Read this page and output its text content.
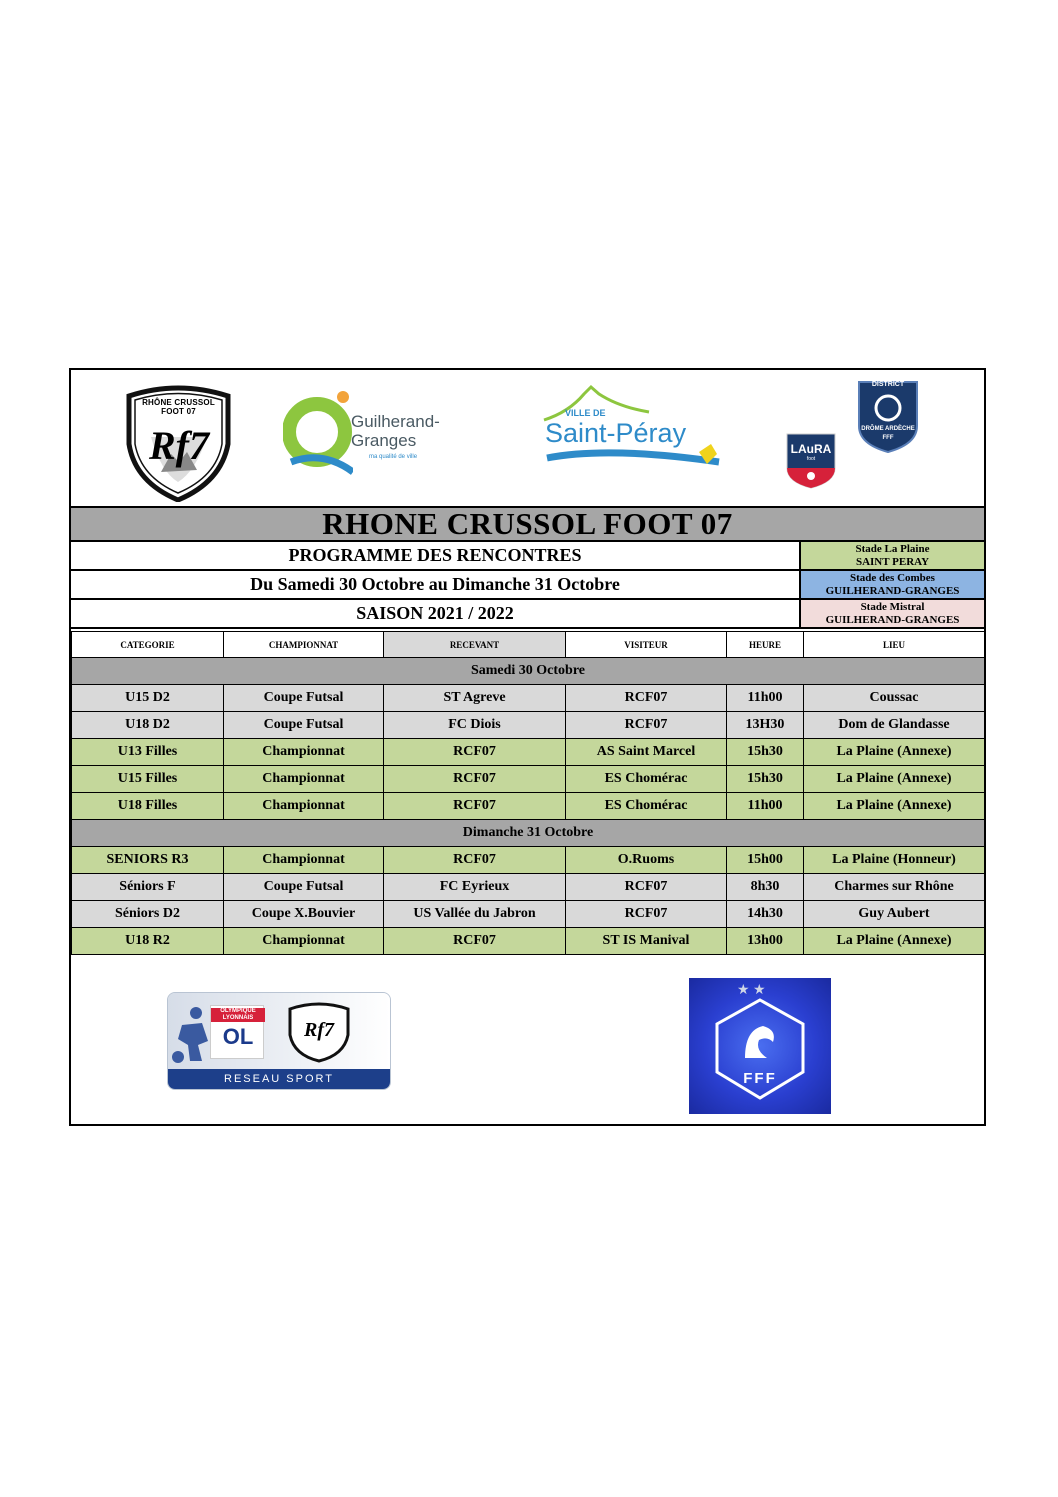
RHÔNE CRUSSOL FOOT 07
Rf7
Guilherand-
Granges
ma qualité de ville
VILLE DE
Saint-Péray
LAuRA
foot
DISTRICT
DRÔME ARDÈCHE
FFF
RHONE CRUSSOL FOOT 07
PROGRAMME DES RENCONTRES
Du Samedi 30 Octobre au Dimanche 31 Octobre
SAISON 2021 / 2022
Stade La Plaine
SAINT PERAY
Stade des Combes
GUILHERAND-GRANGES
Stade Mistral
GUILHERAND-GRANGES
CATEGORIE	CHAMPIONNAT	RECEVANT	VISITEUR	HEURE	LIEU
Samedi 30 Octobre					
U15 D2	Coupe Futsal	ST Agreve	RCF07	11h00	Coussac
U18 D2	Coupe Futsal	FC Diois	RCF07	13H30	Dom de Glandasse
U13 Filles	Championnat	RCF07	AS Saint Marcel	15h30	La Plaine (Annexe)
U15 Filles	Championnat	RCF07	ES Chomérac	15h30	La Plaine (Annexe)
U18 Filles	Championnat	RCF07	ES Chomérac	11h00	La Plaine (Annexe)
Dimanche 31 Octobre					
SENIORS R3	Championnat	RCF07	O.Ruoms	15h00	La Plaine (Honneur)
Séniors F	Coupe Futsal	FC Eyrieux	RCF07	8h30	Charmes sur Rhône
Séniors D2	Coupe X.Bouvier	US Vallée du Jabron	RCF07	14h30	Guy Aubert
U18 R2	Championnat	RCF07	ST IS Manival	13h00	La Plaine (Annexe)
OLYMPIQUE
LYONNAIS
OL	Rf7
RESEAU SPORT
★ ★
FFF
